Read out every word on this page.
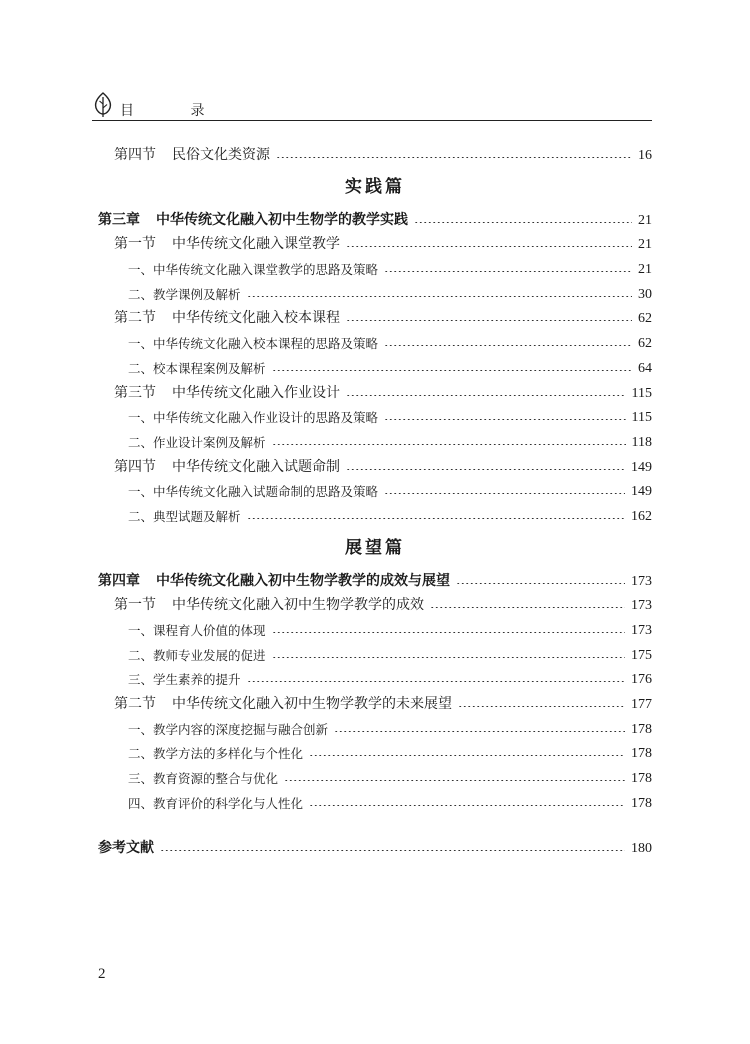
目 录
第四节 民俗文化类资源	16
实践篇
第三章 中华传统文化融入初中生物学的教学实践	21
第一节 中华传统文化融入课堂教学	21
一、中华传统文化融入课堂教学的思路及策略	21
二、教学课例及解析	30
第二节 中华传统文化融入校本课程	62
一、中华传统文化融入校本课程的思路及策略	62
二、校本课程案例及解析	64
第三节 中华传统文化融入作业设计	115
一、中华传统文化融入作业设计的思路及策略	115
二、作业设计案例及解析	118
第四节 中华传统文化融入试题命制	149
一、中华传统文化融入试题命制的思路及策略	149
二、典型试题及解析	162
展望篇
第四章 中华传统文化融入初中生物学教学的成效与展望	173
第一节 中华传统文化融入初中生物学教学的成效	173
一、课程育人价值的体现	173
二、教师专业发展的促进	175
三、学生素养的提升	176
第二节 中华传统文化融入初中生物学教学的未来展望	177
一、教学内容的深度挖掘与融合创新	178
二、教学方法的多样化与个性化	178
三、教育资源的整合与优化	178
四、教育评价的科学化与人性化	178
参考文献	180
2
